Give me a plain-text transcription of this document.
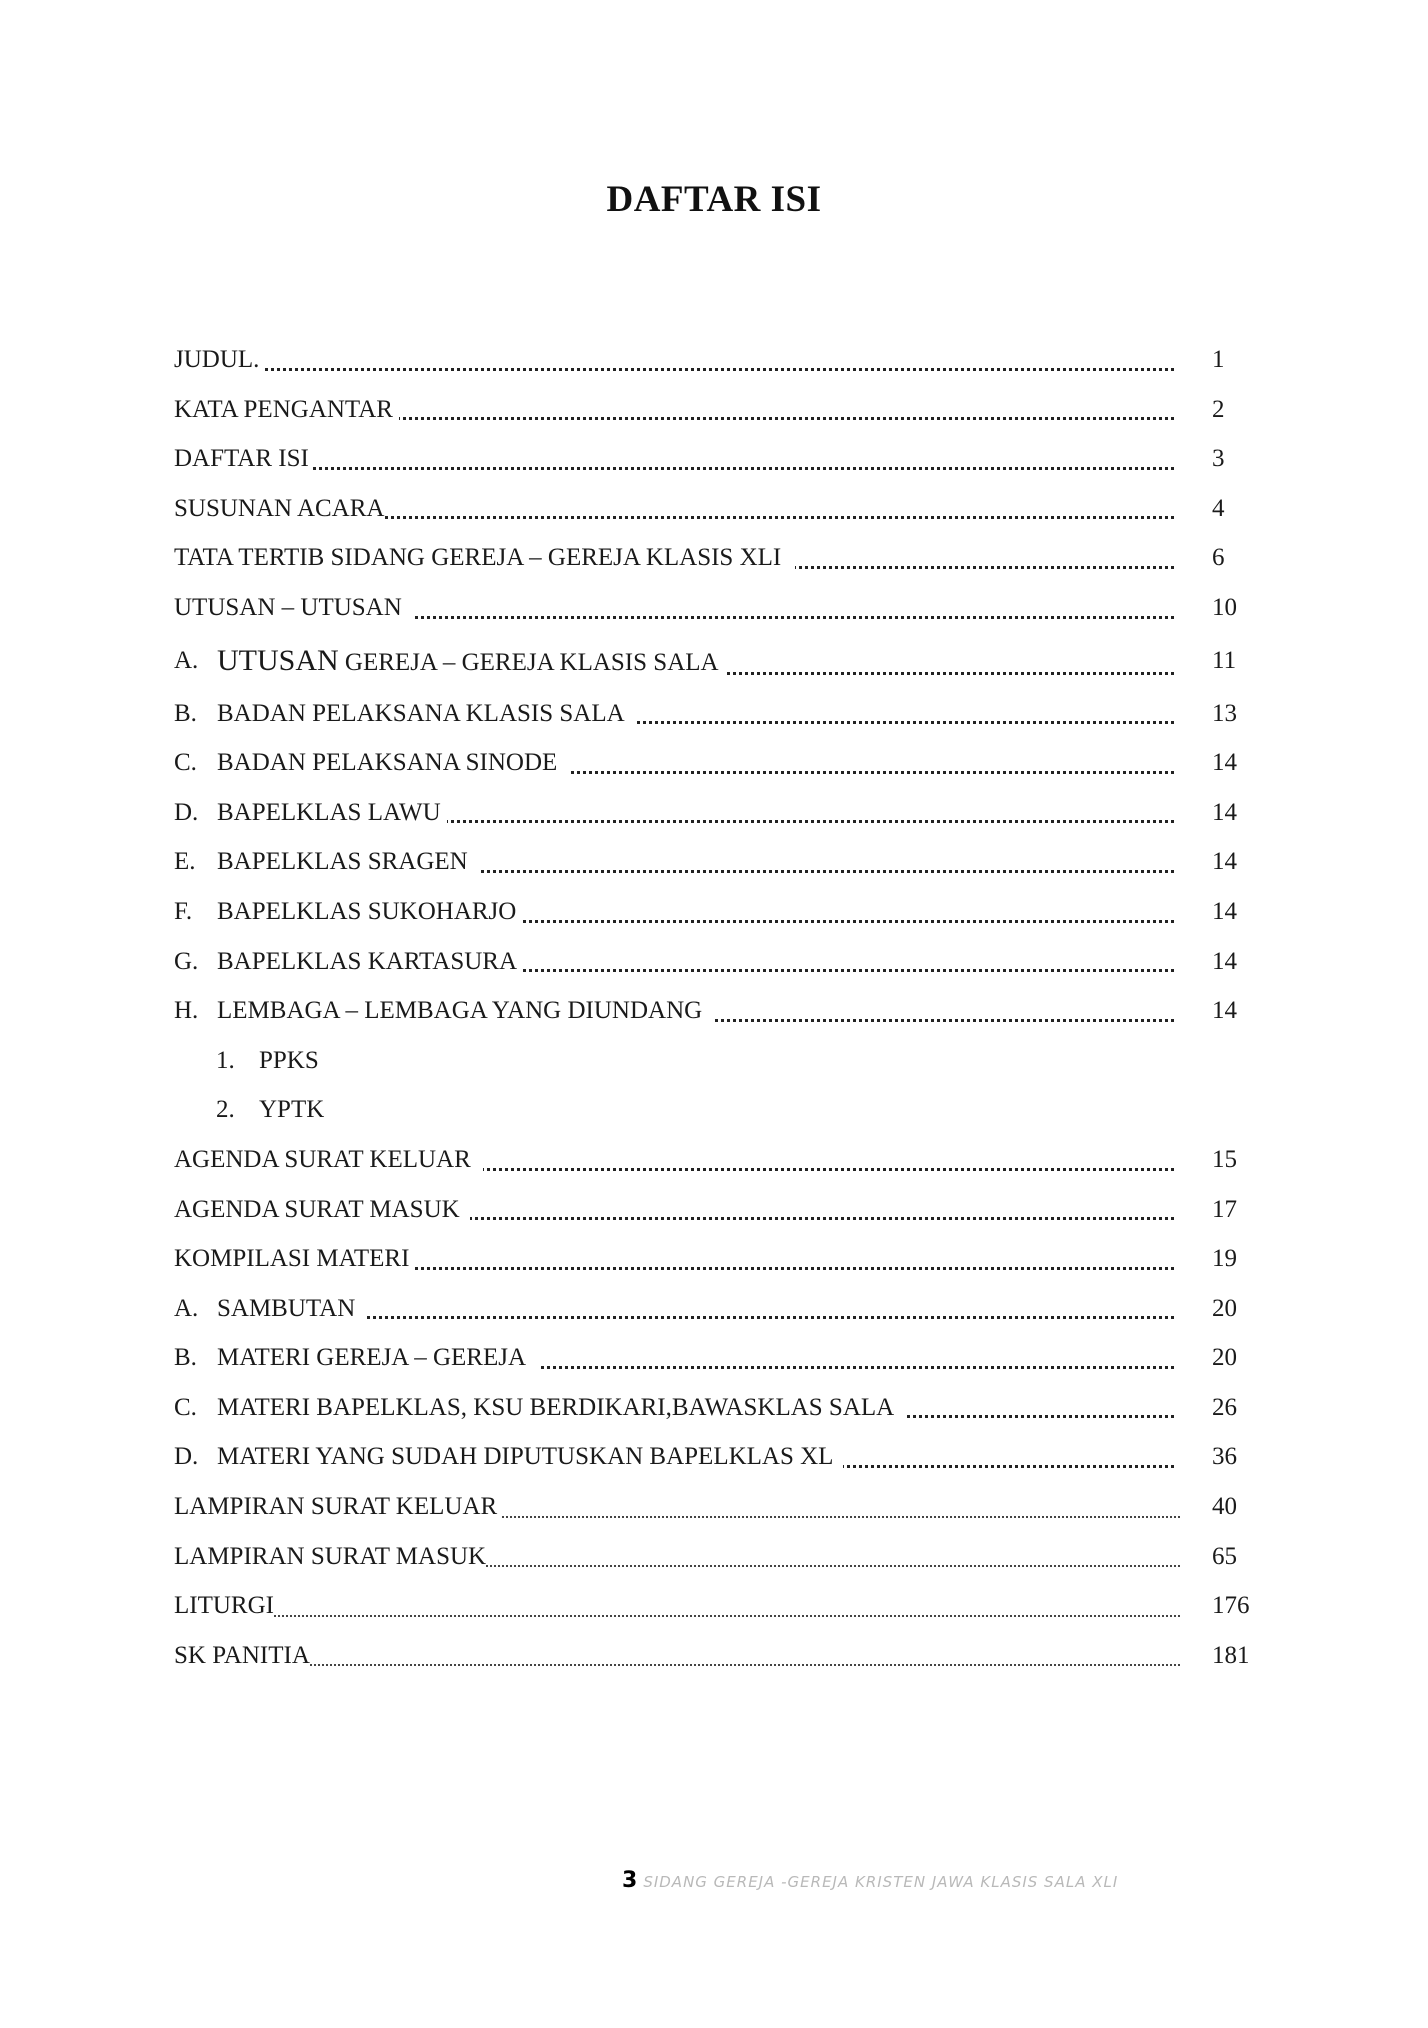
DAFTAR ISI
JUDUL.	1
KATA PENGANTAR	2
DAFTAR ISI	3
SUSUNAN ACARA	4
TATA TERTIB SIDANG GEREJA – GEREJA KLASIS XLI	6
UTUSAN – UTUSAN	10
A. UTUSAN GEREJA – GEREJA KLASIS SALA	11
B. BADAN PELAKSANA KLASIS SALA	13
C. BADAN PELAKSANA SINODE	14
D. BAPELKLAS LAWU	14
E. BAPELKLAS SRAGEN	14
F. BAPELKLAS SUKOHARJO	14
G. BAPELKLAS KARTASURA	14
H. LEMBAGA – LEMBAGA YANG DIUNDANG	14
1. PPKS
2. YPTK
AGENDA SURAT KELUAR	15
AGENDA SURAT MASUK	17
KOMPILASI MATERI	19
A. SAMBUTAN	20
B. MATERI GEREJA – GEREJA	20
C. MATERI BAPELKLAS, KSU BERDIKARI,BAWASKLAS SALA	26
D. MATERI YANG SUDAH DIPUTUSKAN BAPELKLAS XL	36
LAMPIRAN SURAT KELUAR	40
LAMPIRAN SURAT MASUK	65
LITURGI	176
SK PANITIA	181
3 SIDANG GEREJA -GEREJA KRISTEN JAWA KLASIS SALA XLI
